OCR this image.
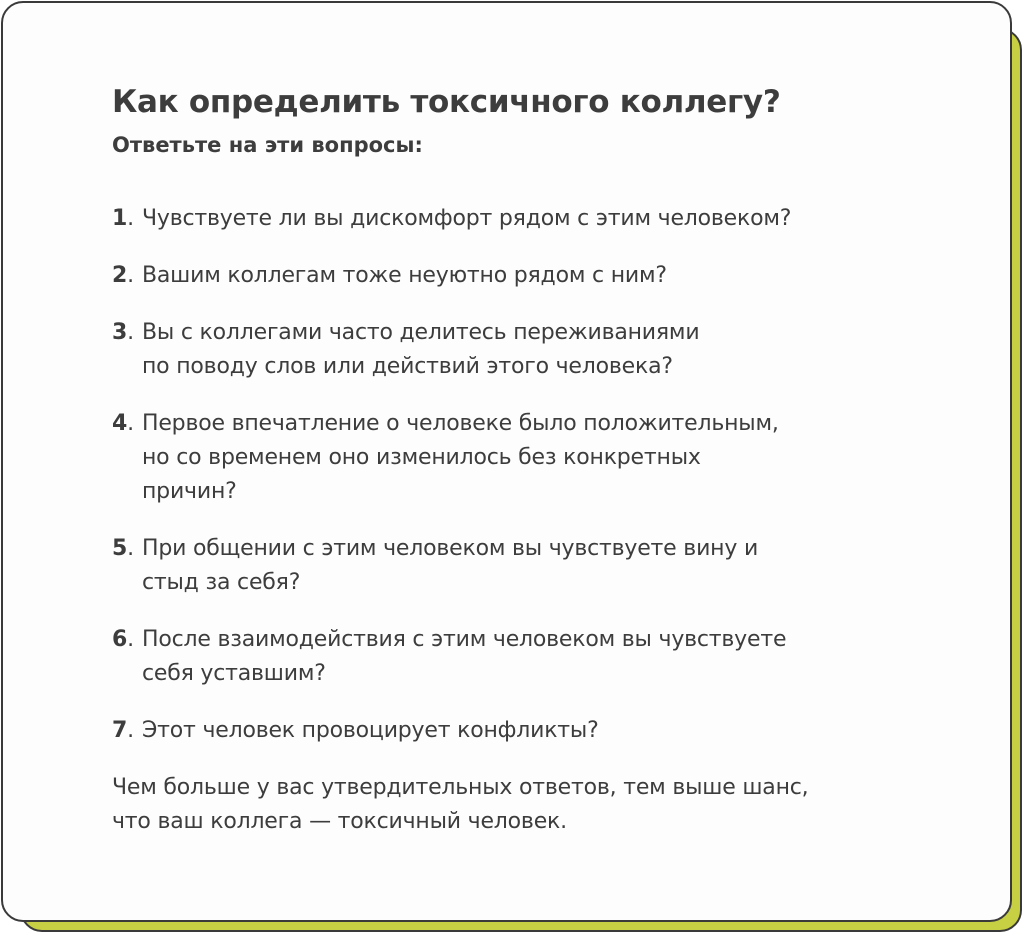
Как определить токсичного коллегу?

Ответьте на эти вопросы:

1. Чувствуете ли вы дискомфорт рядом с этим человеком?
2. Вашим коллегам тоже неуютно рядом с ним?
3. Вы с коллегами часто делитесь переживаниями
по поводу слов или действий этого человека?
4. Первое впечатление о человеке было положительным,
но со временем оно изменилось без конкретных
причин?
5. При общении с этим человеком вы чувствуете вину и
стыд за себя?
6. После взаимодействия с этим человеком вы чувствуете
себя уставшим?
7. Этот человек провоцирует конфликты?

Чем больше у вас утвердительных ответов, тем выше шанс,
что ваш коллега — токсичный человек.
